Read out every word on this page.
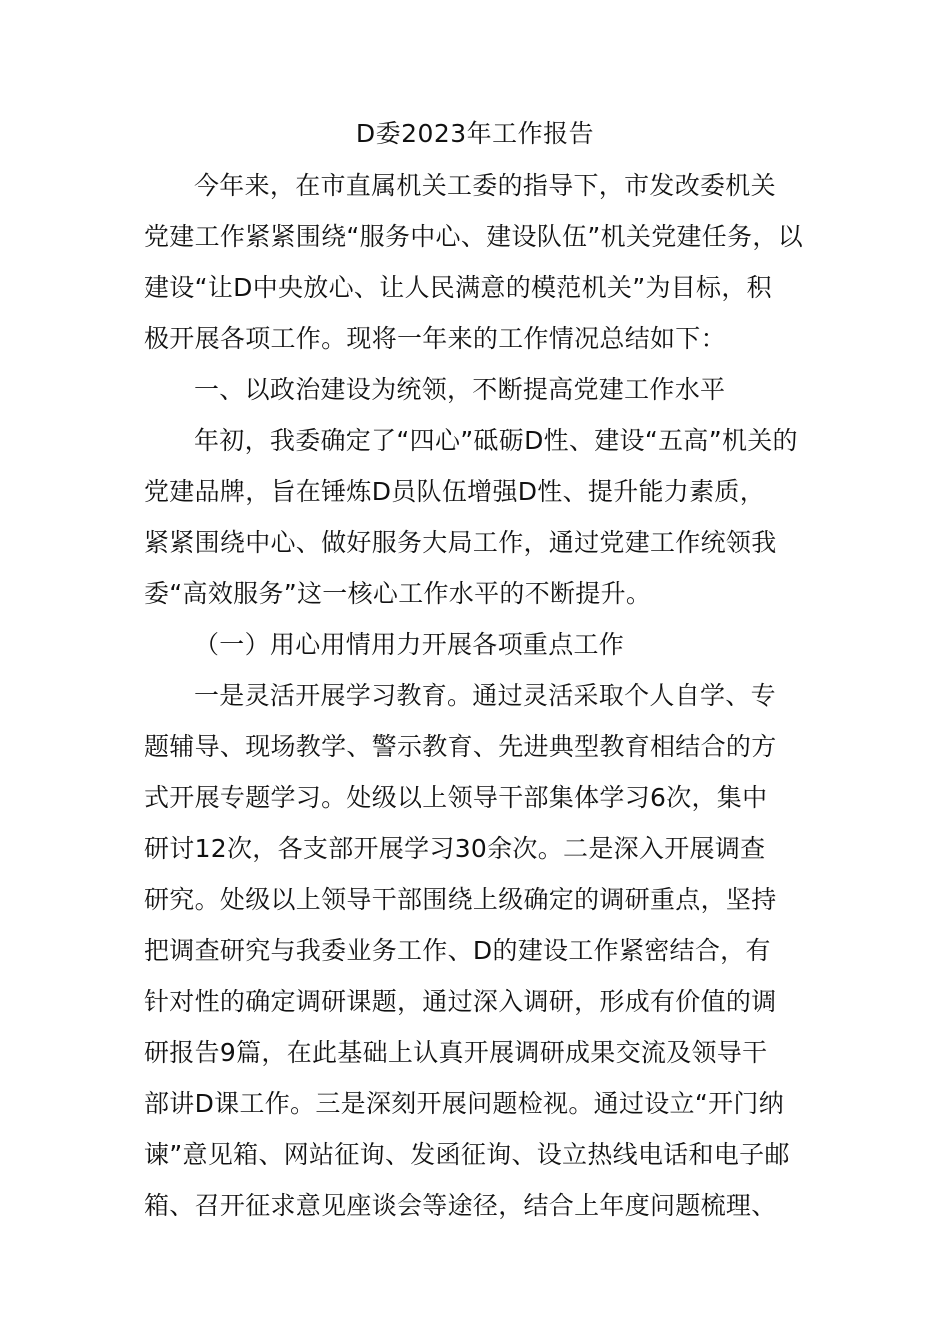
D委2023年工作报告

今年来，在市直属机关工委的指导下，市发改委机关
党建工作紧紧围绕“服务中心、建设队伍”机关党建任务，以
建设“让D中央放心、让人民满意的模范机关”为目标，积
极开展各项工作。现将一年来的工作情况总结如下：

一、以政治建设为统领，不断提高党建工作水平

年初，我委确定了“四心”砥砺D性、建设“五高”机关的
党建品牌，旨在锤炼D员队伍增强D性、提升能力素质，
紧紧围绕中心、做好服务大局工作，通过党建工作统领我
委“高效服务”这一核心工作水平的不断提升。

（一）用心用情用力开展各项重点工作

一是灵活开展学习教育。通过灵活采取个人自学、专
题辅导、现场教学、警示教育、先进典型教育相结合的方
式开展专题学习。处级以上领导干部集体学习6次，集中
研讨12次，各支部开展学习30余次。二是深入开展调查
研究。处级以上领导干部围绕上级确定的调研重点，坚持
把调查研究与我委业务工作、D的建设工作紧密结合，有
针对性的确定调研课题，通过深入调研，形成有价值的调
研报告9篇，在此基础上认真开展调研成果交流及领导干
部讲D课工作。三是深刻开展问题检视。通过设立“开门纳
谏”意见箱、网站征询、发函征询、设立热线电话和电子邮
箱、召开征求意见座谈会等途径，结合上年度问题梳理、
